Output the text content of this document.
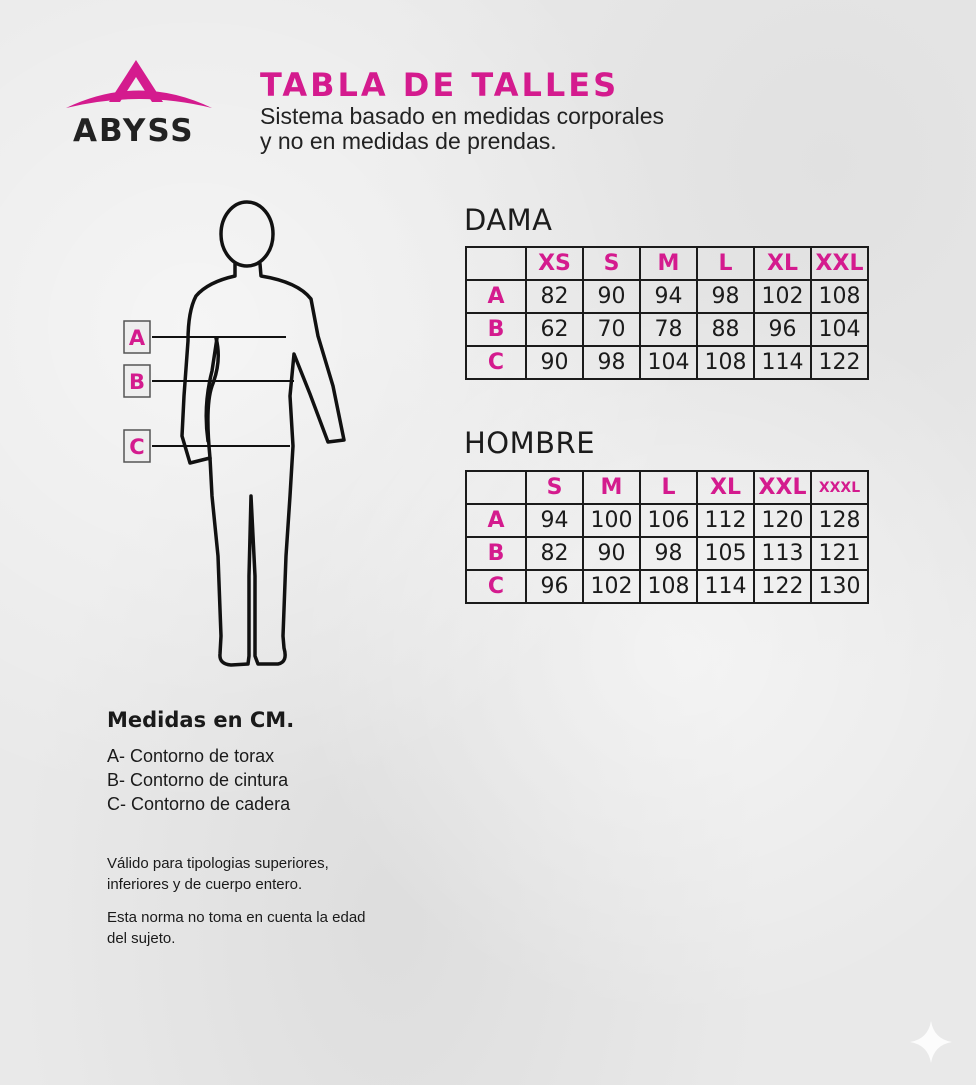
ABYSS
TABLA DE TALLES
Sistema basado en medidas corporales
y no en medidas de prendas.
A
B
C
DAMA
	XS	S	M	L	XL	XXL
A	82	90	94	98	102	108
B	62	70	78	88	96	104
C	90	98	104	108	114	122
HOMBRE
	S	M	L	XL	XXL	XXXL
A	94	100	106	112	120	128
B	82	90	98	105	113	121
C	96	102	108	114	122	130
Medidas en CM.
A- Contorno de torax
B- Contorno de cintura
C- Contorno de cadera
Válido para tipologias superiores,
inferiores y de cuerpo entero.
Esta norma no toma en cuenta la edad
del sujeto.
